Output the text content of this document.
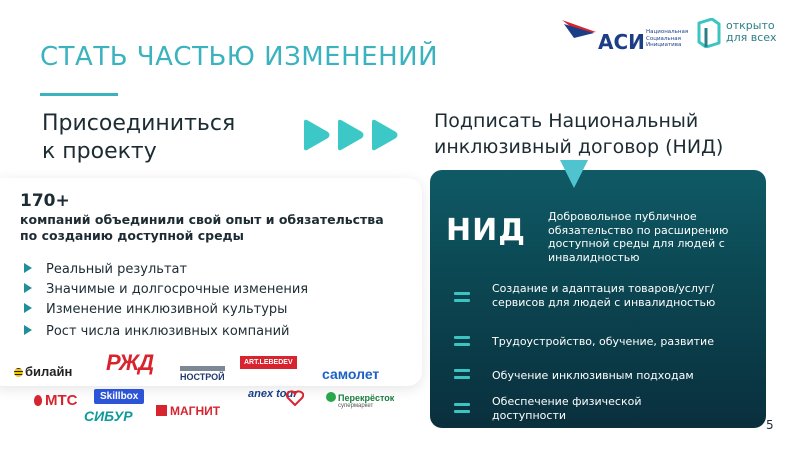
СТАТЬ ЧАСТЬЮ ИЗМЕНЕНИЙ	АСИ Национальная Социальная Инициатива
открыто для всех
Присоединиться
к проекту
Подписать Национальный
инклюзивный договор (НИД)
170+
компаний объединили свой опыт и обязательства
по созданию доступной среды
Реальный результат
Значимые и долгосрочные изменения
Изменение инклюзивной культуры
Рост числа инклюзивных компаний
билайн РЖД
НОСТРОЙ
ART.LEBEDEV
самолет
МТС	Skillbox
СИБУР	МАГНИТ
anex tour	Перекрёсток
супермаркет
НИД Добровольное публичное обязательство по расширению доступной среды для людей с инвалидностью
Создание и адаптация товаров/услуг/сервисов для людей с инвалидностью
Трудоустройство, обучение, развитие
Обучение инклюзивным подходам
Обеспечение физической доступности
5
